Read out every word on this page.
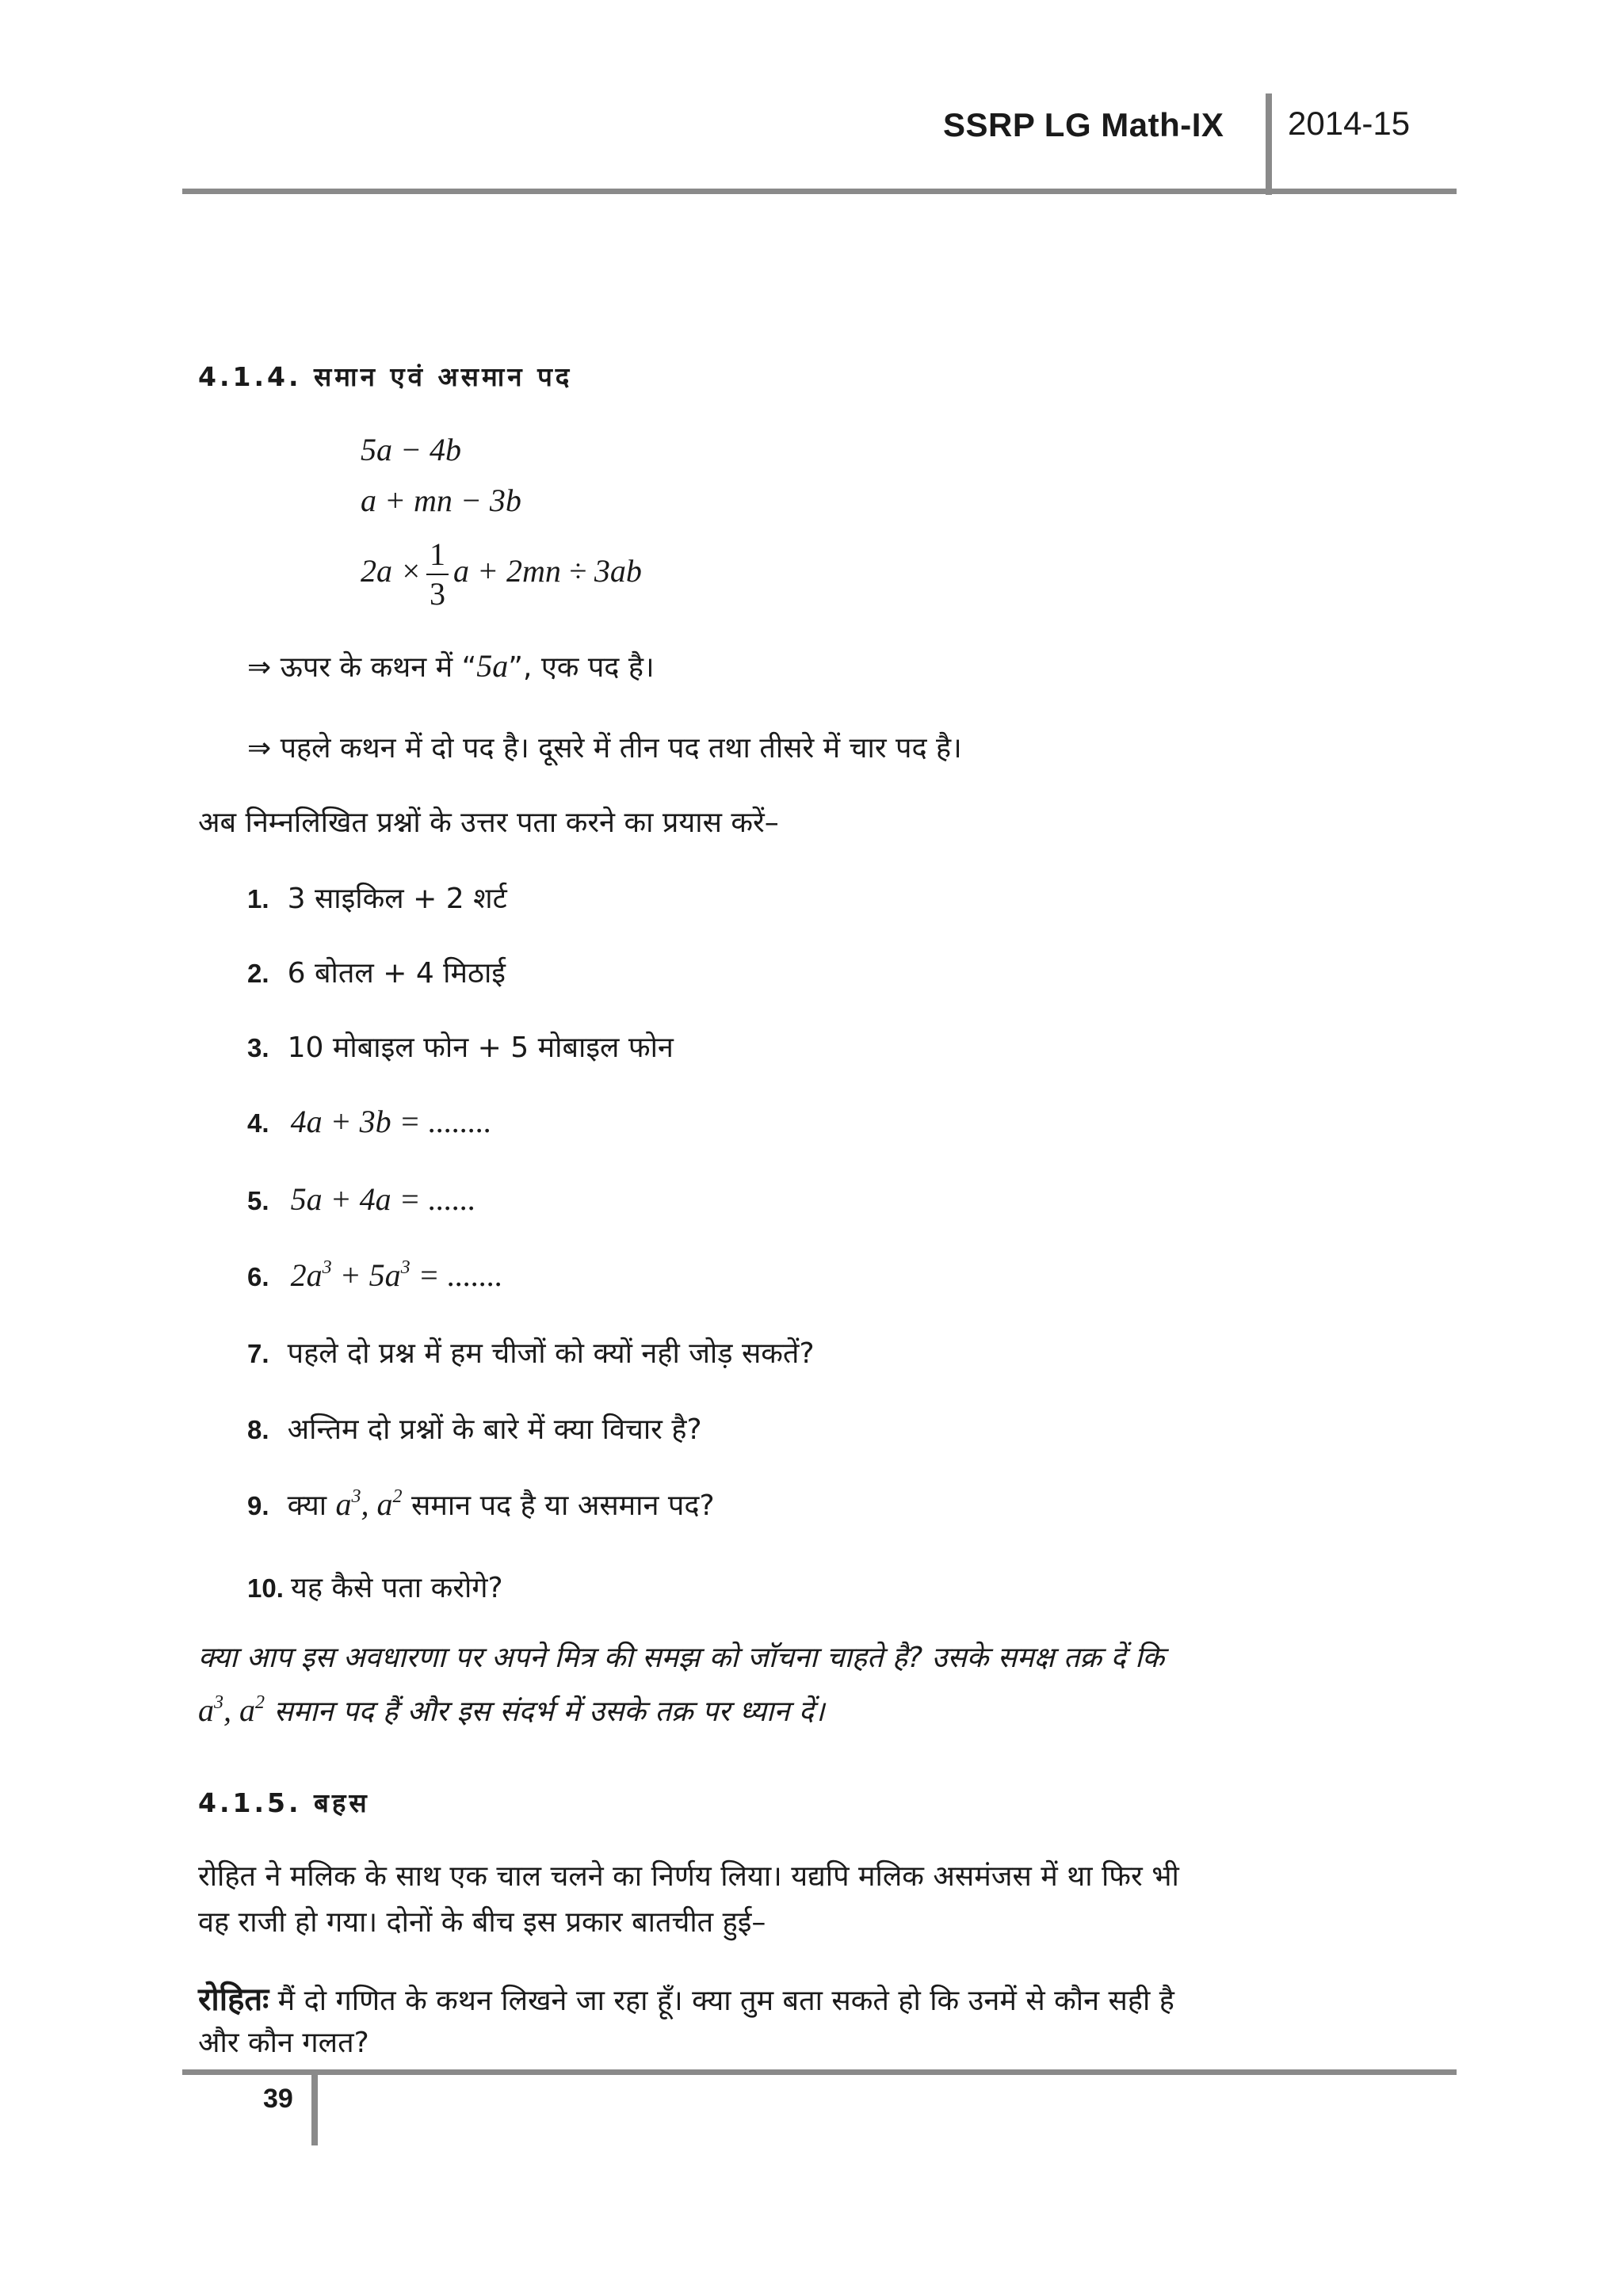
SSRP LG Math-IX 2014-15
4.1.4. समान एवं असमान पद
5a − 4b
a + mn − 3b
$2a \times \frac{1}{3}$ a + 2mn ÷ 3ab
⇒ ऊपर के कथन में “5a”, एक पद है।
⇒ पहले कथन में दो पद है। दूसरे में तीन पद तथा तीसरे में चार पद है।
अब निम्नलिखित प्रश्नों के उत्तर पता करने का प्रयास करें–
1. 3 साइकिल + 2 शर्ट
2. 6 बोतल + 4 मिठाई
3. 10 मोबाइल फोन + 5 मोबाइल फोन
4. 4a + 3b = ........
5. 5a + 4a = ......
6. $2a^3 + 5a^3$ = .......
7. पहले दो प्रश्न में हम चीजों को क्यों नही जोड़ सकतें?
8. अन्तिम दो प्रश्नों के बारे में क्या विचार है?
9. क्या $a^3$, $a^2$ समान पद है या असमान पद?
10. यह कैसे पता करोगे?
क्या आप इस अवधारणा पर अपने मित्र की समझ को जॉचना चाहते है? उसके समक्ष तक्र दें कि
$a^3$, $a^2$ समान पद हैं और इस संदर्भ में उसके तक्र पर ध्यान दें।
4.1.5. बहस
रोहित ने मलिक के साथ एक चाल चलने का निर्णय लिया। यद्यपि मलिक असमंजस में था फिर भी
वह राजी हो गया। दोनों के बीच इस प्रकार बातचीत हुई–
रोहितः मैं दो गणित के कथन लिखने जा रहा हूँ। क्या तुम बता सकते हो कि उनमें से कौन सही है
और कौन गलत?
39
